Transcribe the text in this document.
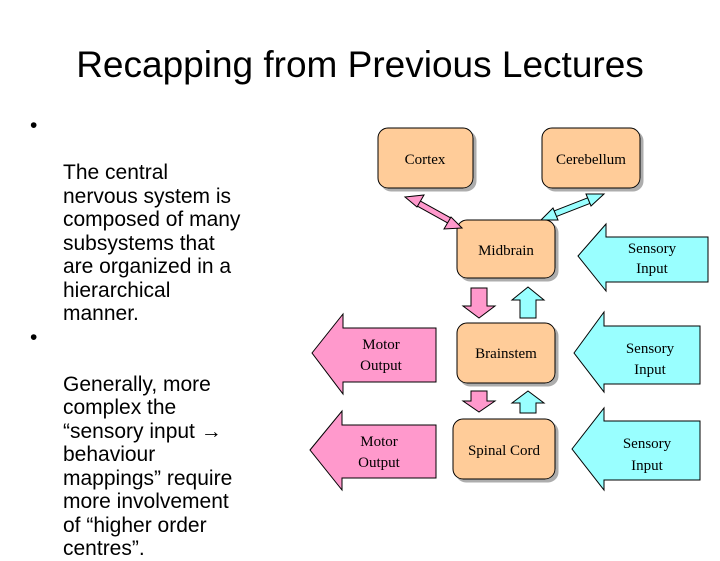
Recapping from Previous Lectures

•

The central
nervous system is
composed of many
subsystems that
are organized in a
hierarchical
manner.

•

Generally, more
complex the
“sensory input →
behaviour
mappings” require
more involvement
of “higher order
centres”.

Cortex	Cerebellum
Midbrain
Brainstem
Spinal Cord
Sensory
Input
Sensory
Input
Sensory
Input
Motor
Output
Motor
Output
